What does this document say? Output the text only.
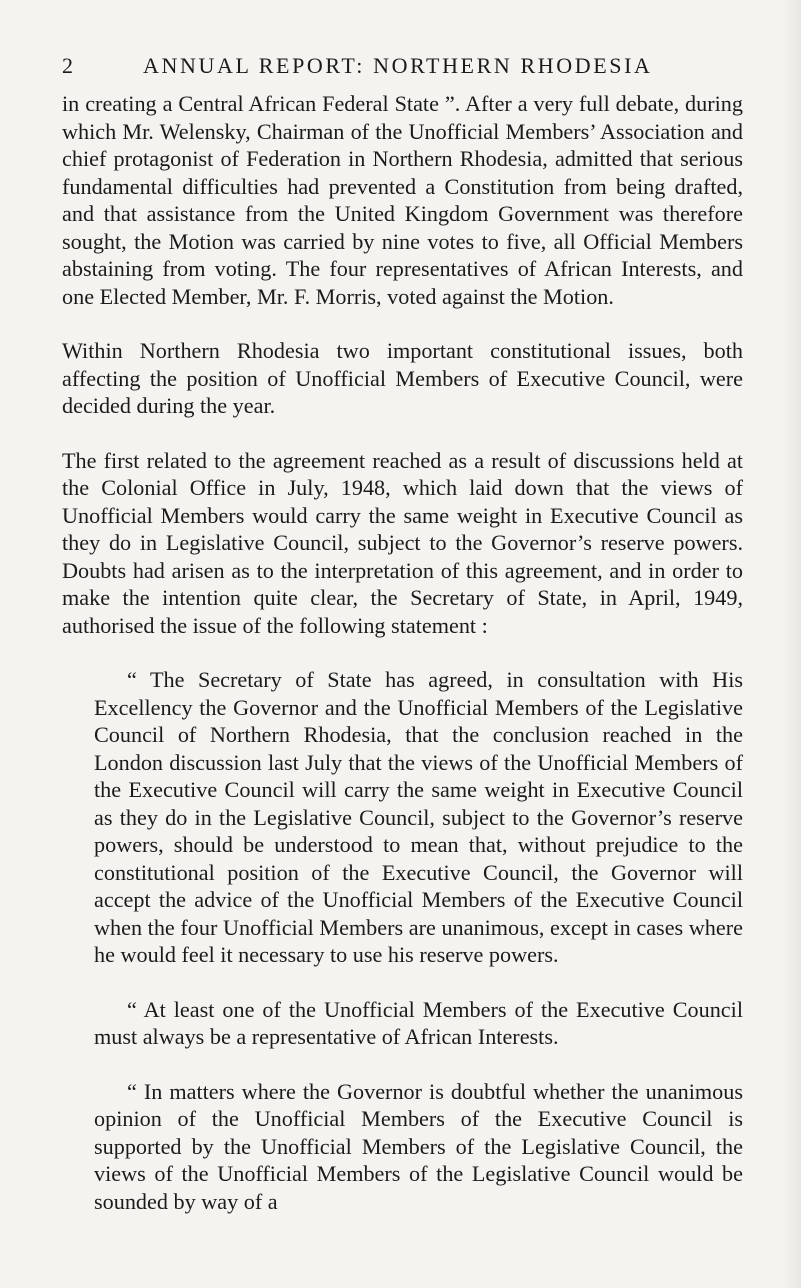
2	ANNUAL REPORT: NORTHERN RHODESIA

in creating a Central African Federal State ”. After a very full debate, during which Mr. Welensky, Chairman of the Unofficial Members’ Association and chief protagonist of Federation in Northern Rhodesia, admitted that serious fundamental difficulties had prevented a Constitution from being drafted, and that assistance from the United Kingdom Government was therefore sought, the Motion was carried by nine votes to five, all Official Members abstaining from voting. The four representatives of African Interests, and one Elected Member, Mr. F. Morris, voted against the Motion.

Within Northern Rhodesia two important constitutional issues, both affecting the position of Unofficial Members of Executive Council, were decided during the year.

The first related to the agreement reached as a result of discussions held at the Colonial Office in July, 1948, which laid down that the views of Unofficial Members would carry the same weight in Executive Council as they do in Legislative Council, subject to the Governor’s reserve powers. Doubts had arisen as to the interpretation of this agreement, and in order to make the intention quite clear, the Secretary of State, in April, 1949, authorised the issue of the following statement :

“ The Secretary of State has agreed, in consultation with His Excellency the Governor and the Unofficial Members of the Legislative Council of Northern Rhodesia, that the conclusion reached in the London discussion last July that the views of the Unofficial Members of the Executive Council will carry the same weight in Executive Council as they do in the Legislative Council, subject to the Governor’s reserve powers, should be understood to mean that, without prejudice to the constitutional position of the Executive Council, the Governor will accept the advice of the Unofficial Members of the Executive Council when the four Unofficial Members are unanimous, except in cases where he would feel it necessary to use his reserve powers.

“ At least one of the Unofficial Members of the Executive Council must always be a representative of African Interests.

“ In matters where the Governor is doubtful whether the unanimous opinion of the Unofficial Members of the Executive Council is supported by the Unofficial Members of the Legislative Council, the views of the Unofficial Members of the Legislative Council would be sounded by way of a
